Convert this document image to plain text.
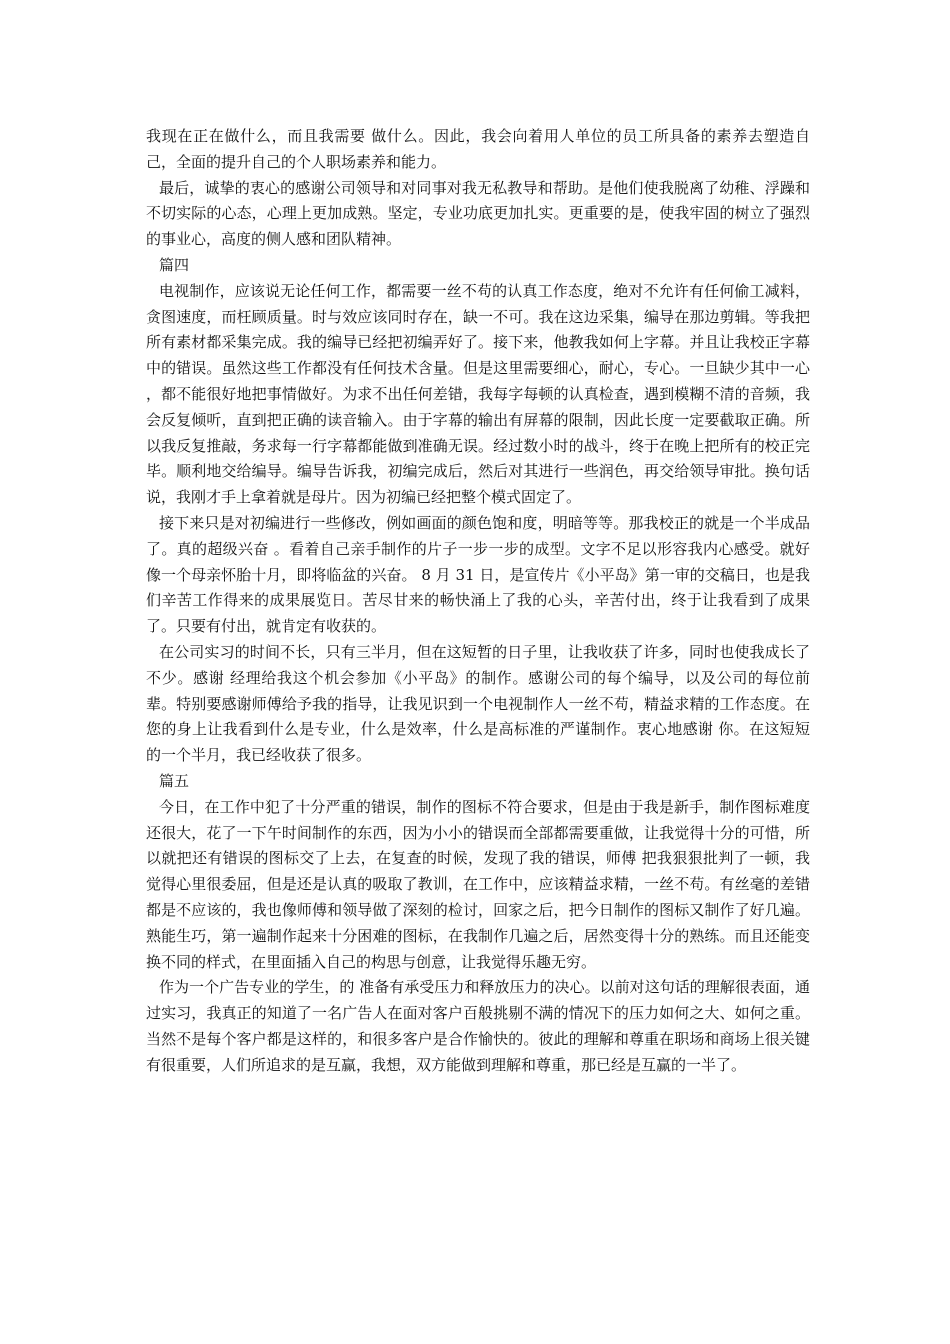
我现在正在做什么，而且我需要 做什么。因此，我会向着用人单位的员工所具备的素养去塑造自己，全面的提升自己的个人职场素养和能力。

最后，诚挚的衷心的感谢公司领导和对同事对我无私教导和帮助。是他们使我脱离了幼稚、浮躁和不切实际的心态，心理上更加成熟。坚定，专业功底更加扎实。更重要的是，使我牢固的树立了强烈的事业心，高度的侧人感和团队精神。

篇四

电视制作，应该说无论任何工作，都需要一丝不苟的认真工作态度，绝对不允许有任何偷工减料，贪图速度，而枉顾质量。时与效应该同时存在，缺一不可。我在这边采集，编导在那边剪辑。等我把所有素材都采集完成。我的编导已经把初编弄好了。接下来，他教我如何上字幕。并且让我校正字幕中的错误。虽然这些工作都没有任何技术含量。但是这里需要细心，耐心，专心。一旦缺少其中一心 ，都不能很好地把事情做好。为求不出任何差错，我每字每顿的认真检查，遇到模糊不清的音频，我会反复倾听，直到把正确的读音输入。由于字幕的输出有屏幕的限制，因此长度一定要截取正确。所以我反复推敲，务求每一行字幕都能做到准确无误。经过数小时的战斗，终于在晚上把所有的校正完毕。顺利地交给编导。编导告诉我，初编完成后，然后对其进行一些润色，再交给领导审批。换句话说，我刚才手上拿着就是母片。因为初编已经把整个模式固定了。

接下来只是对初编进行一些修改，例如画面的颜色饱和度，明暗等等。那我校正的就是一个半成品了。真的超级兴奋 。看着自己亲手制作的片子一步一步的成型。文字不足以形容我内心感受。就好像一个母亲怀胎十月，即将临盆的兴奋。 8 月 31 日，是宣传片《小平岛》第一审的交稿日，也是我们辛苦工作得来的成果展览日。苦尽甘来的畅快涌上了我的心头，辛苦付出，终于让我看到了成果了。只要有付出，就肯定有收获的。

在公司实习的时间不长，只有三半月，但在这短暂的日子里，让我收获了许多，同时也使我成长了不少。感谢 经理给我这个机会参加《小平岛》的制作。感谢公司的每个编导，以及公司的每位前辈。特别要感谢师傅给予我的指导，让我见识到一个电视制作人一丝不苟，精益求精的工作态度。在您的身上让我看到什么是专业，什么是效率，什么是高标准的严谨制作。衷心地感谢 你。在这短短的一个半月，我已经收获了很多。

篇五

今日，在工作中犯了十分严重的错误，制作的图标不符合要求，但是由于我是新手，制作图标难度还很大，花了一下午时间制作的东西，因为小小的错误而全部都需要重做，让我觉得十分的可惜，所以就把还有错误的图标交了上去，在复查的时候，发现了我的错误，师傅 把我狠狠批判了一顿，我觉得心里很委屈，但是还是认真的吸取了教训，在工作中，应该精益求精，一丝不苟。有丝毫的差错都是不应该的，我也像师傅和领导做了深刻的检讨，回家之后，把今日制作的图标又制作了好几遍。熟能生巧，第一遍制作起来十分困难的图标，在我制作几遍之后，居然变得十分的熟练。而且还能变换不同的样式，在里面插入自己的构思与创意，让我觉得乐趣无穷。

作为一个广告专业的学生，的 准备有承受压力和释放压力的决心。以前对这句话的理解很表面，通过实习，我真正的知道了一名广告人在面对客户百般挑剔不满的情况下的压力如何之大、如何之重。当然不是每个客户都是这样的，和很多客户是合作愉快的。彼此的理解和尊重在职场和商场上很关键有很重要，人们所追求的是互赢，我想，双方能做到理解和尊重，那已经是互赢的一半了。
